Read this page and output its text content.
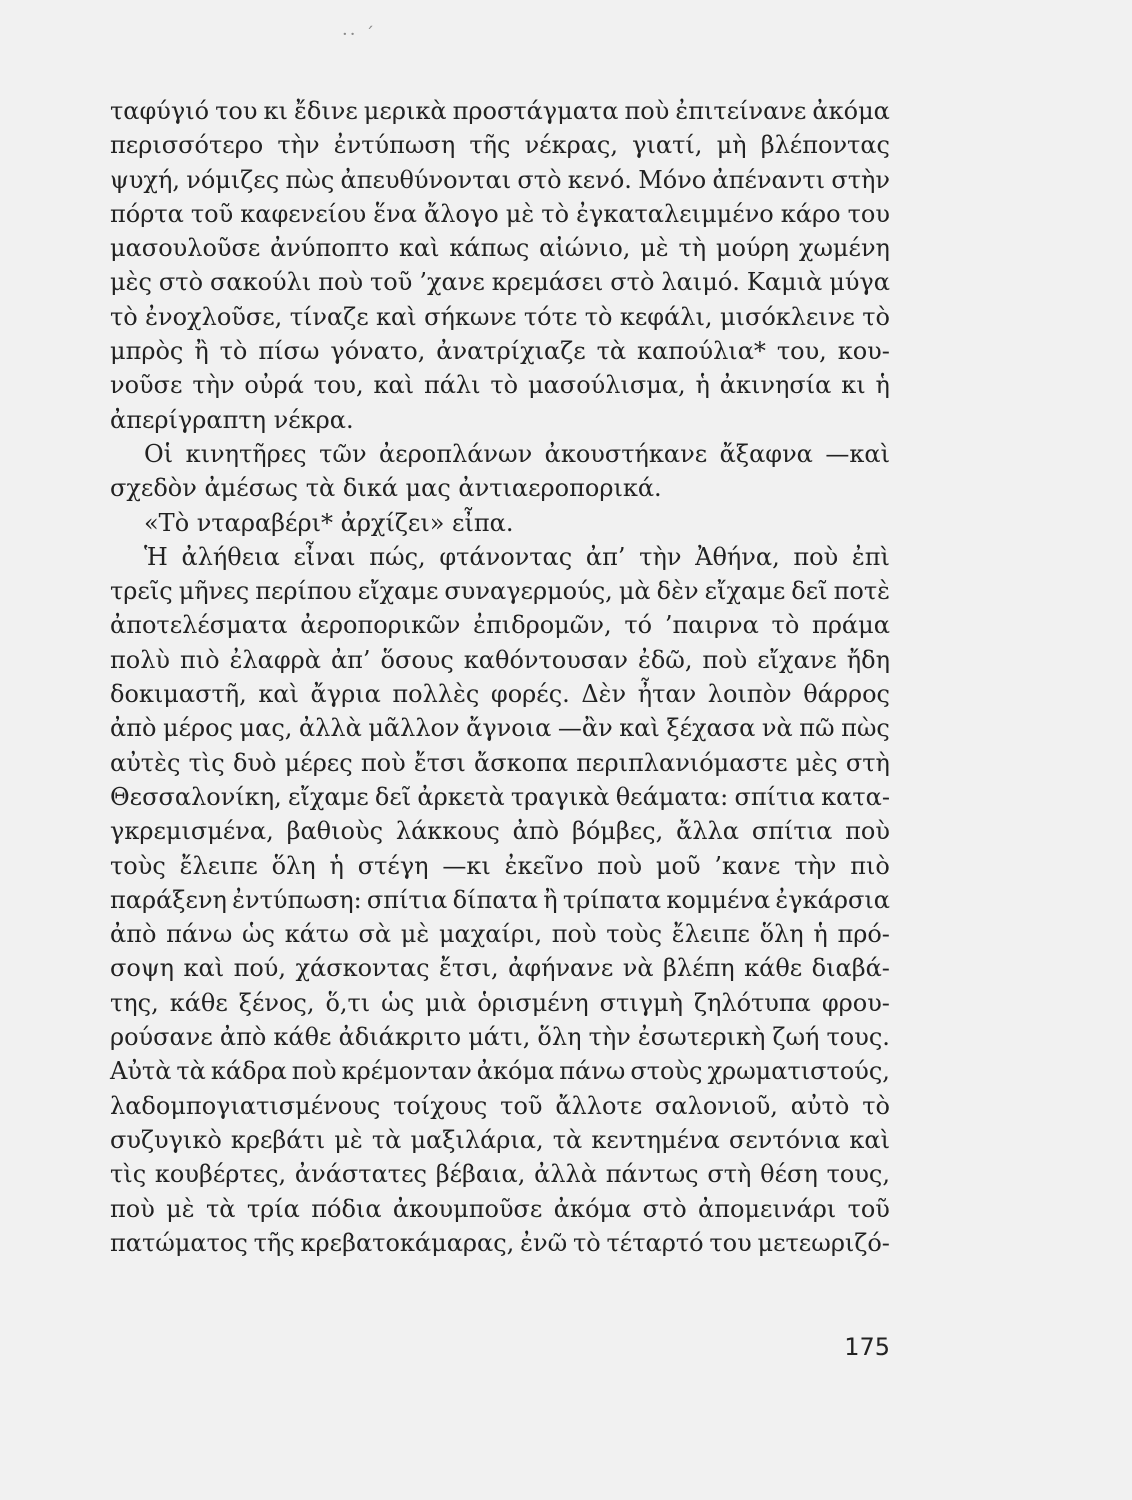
·· ´
ταφύγιό του κι ἔδινε μερικὰ προστάγματα ποὺ ἐπιτείνανε ἀκόμα
περισσότερο τὴν ἐντύπωση τῆς νέκρας, γιατί, μὴ βλέποντας
ψυχή, νόμιζες πὼς ἀπευθύνονται στὸ κενό. Μόνο ἀπέναντι στὴν
πόρτα τοῦ καφενείου ἕνα ἄλογο μὲ τὸ ἐγκαταλειμμένο κάρο του
μασουλοῦσε ἀνύποπτο καὶ κάπως αἰώνιο, μὲ τὴ μούρη χωμένη
μὲς στὸ σακούλι ποὺ τοῦ ’χανε κρεμάσει στὸ λαιμό. Καμιὰ μύγα
τὸ ἐνοχλοῦσε, τίναζε καὶ σήκωνε τότε τὸ κεφάλι, μισόκλεινε τὸ
μπρὸς ἢ τὸ πίσω γόνατο, ἀνατρίχιαζε τὰ καπούλια* του, κου-
νοῦσε τὴν οὐρά του, καὶ πάλι τὸ μασούλισμα, ἡ ἀκινησία κι ἡ
ἀπερίγραπτη νέκρα.
Οἱ κινητῆρες τῶν ἀεροπλάνων ἀκουστήκανε ἄξαφνα —καὶ
σχεδὸν ἀμέσως τὰ δικά μας ἀντιαεροπορικά.
«Τὸ νταραβέρι* ἀρχίζει» εἶπα.
Ἡ ἀλήθεια εἶναι πώς, φτάνοντας ἀπ’ τὴν Ἀθήνα, ποὺ ἐπὶ
τρεῖς μῆνες περίπου εἴχαμε συναγερμούς, μὰ δὲν εἴχαμε δεῖ ποτὲ
ἀποτελέσματα ἀεροπορικῶν ἐπιδρομῶν, τό ’παιρνα τὸ πράμα
πολὺ πιὸ ἐλαφρὰ ἀπ’ ὅσους καθόντουσαν ἐδῶ, ποὺ εἴχανε ἤδη
δοκιμαστῆ, καὶ ἄγρια πολλὲς φορές. Δὲν ἦταν λοιπὸν θάρρος
ἀπὸ μέρος μας, ἀλλὰ μᾶλλον ἄγνοια —ἂν καὶ ξέχασα νὰ πῶ πὼς
αὐτὲς τὶς δυὸ μέρες ποὺ ἔτσι ἄσκοπα περιπλανιόμαστε μὲς στὴ
Θεσσαλονίκη, εἴχαμε δεῖ ἀρκετὰ τραγικὰ θεάματα: σπίτια κατα-
γκρεμισμένα, βαθιοὺς λάκκους ἀπὸ βόμβες, ἄλλα σπίτια ποὺ
τοὺς ἔλειπε ὅλη ἡ στέγη —κι ἐκεῖνο ποὺ μοῦ ’κανε τὴν πιὸ
παράξενη ἐντύπωση: σπίτια δίπατα ἢ τρίπατα κομμένα ἐγκάρσια
ἀπὸ πάνω ὡς κάτω σὰ μὲ μαχαίρι, ποὺ τοὺς ἔλειπε ὅλη ἡ πρό-
σοψη καὶ πού, χάσκοντας ἔτσι, ἀφήνανε νὰ βλέπη κάθε διαβά-
της, κάθε ξένος, ὅ,τι ὡς μιὰ ὁρισμένη στιγμὴ ζηλότυπα φρου-
ρούσανε ἀπὸ κάθε ἀδιάκριτο μάτι, ὅλη τὴν ἐσωτερικὴ ζωή τους.
Αὐτὰ τὰ κάδρα ποὺ κρέμονταν ἀκόμα πάνω στοὺς χρωματιστούς,
λαδομπογιατισμένους τοίχους τοῦ ἄλλοτε σαλονιοῦ, αὐτὸ τὸ
συζυγικὸ κρεβάτι μὲ τὰ μαξιλάρια, τὰ κεντημένα σεντόνια καὶ
τὶς κουβέρτες, ἀνάστατες βέβαια, ἀλλὰ πάντως στὴ θέση τους,
ποὺ μὲ τὰ τρία πόδια ἀκουμποῦσε ἀκόμα στὸ ἀπομεινάρι τοῦ
πατώματος τῆς κρεβατοκάμαρας, ἐνῶ τὸ τέταρτό του μετεωριζό-
175
